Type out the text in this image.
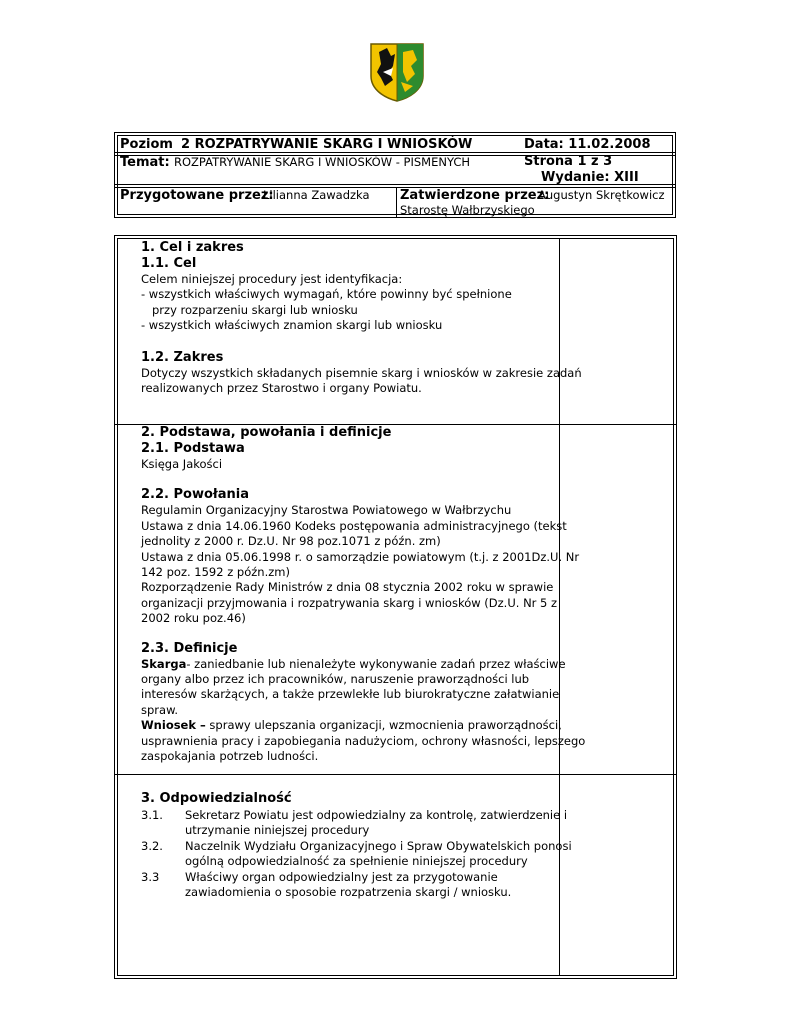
Poziom 2 ROZPATRYWANIE SKARG I WNIOSKÓW	Data: 11.02.2008
Temat: ROZPATRYWANIE SKARG I WNIOSKÓW - PISMENYCH	Strona 1 z 3
Wydanie: XIII
Przygotowane przez:
Lilianna Zawadzka Zatwierdzone przez:
Augustyn Skrętkowicz
Starostę Wałbrzyskiego
1. Cel i zakres
1.1. Cel
Celem niniejszej procedury jest identyfikacja:
- wszystkich właściwych wymagań, które powinny być spełnione
przy rozparzeniu skargi lub wniosku
- wszystkich właściwych znamion skargi lub wniosku
1.2. Zakres
Dotyczy wszystkich składanych pisemnie skarg i wniosków w zakresie zadań
realizowanych przez Starostwo i organy Powiatu.
2. Podstawa, powołania i definicje
2.1. Podstawa
Księga Jakości
2.2. Powołania
Regulamin Organizacyjny Starostwa Powiatowego w Wałbrzychu
Ustawa z dnia 14.06.1960 Kodeks postępowania administracyjnego (tekst
jednolity z 2000 r. Dz.U. Nr 98 poz.1071 z późn. zm)
Ustawa z dnia 05.06.1998 r. o samorządzie powiatowym (t.j. z 2001Dz.U. Nr
142 poz. 1592 z późn.zm)
Rozporządzenie Rady Ministrów z dnia 08 stycznia 2002 roku w sprawie
organizacji przyjmowania i rozpatrywania skarg i wniosków (Dz.U. Nr 5 z
2002 roku poz.46)
2.3. Definicje
Skarga- zaniedbanie lub nienależyte wykonywanie zadań przez właściwe
organy albo przez ich pracowników, naruszenie praworządności lub
interesów skarżących, a także przewlekłe lub biurokratyczne załatwianie
spraw.
Wniosek – sprawy ulepszania organizacji, wzmocnienia praworządności,
usprawnienia pracy i zapobiegania nadużyciom, ochrony własności, lepszego
zaspokajania potrzeb ludności.
3. Odpowiedzialność
3.1. Sekretarz Powiatu jest odpowiedzialny za kontrolę, zatwierdzenie i
utrzymanie niniejszej procedury
3.2. Naczelnik Wydziału Organizacyjnego i Spraw Obywatelskich ponosi
ogólną odpowiedzialność za spełnienie niniejszej procedury
3.3 Właściwy organ odpowiedzialny jest za przygotowanie
zawiadomienia o sposobie rozpatrzenia skargi / wniosku.
